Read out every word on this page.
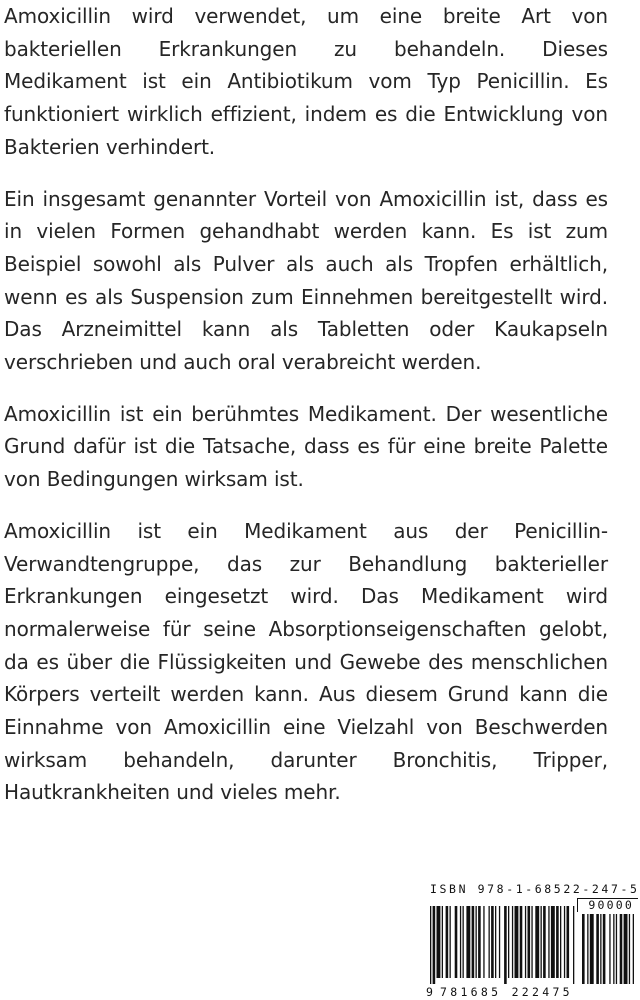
Amoxicillin wird verwendet, um eine breite Art von bakteriellen Erkrankungen zu behandeln. Dieses Medikament ist ein Antibiotikum vom Typ Penicillin. Es funktioniert wirklich effizient, indem es die Entwicklung von Bakterien verhindert.

Ein insgesamt genannter Vorteil von Amoxicillin ist, dass es in vielen Formen gehandhabt werden kann. Es ist zum Beispiel sowohl als Pulver als auch als Tropfen erhältlich, wenn es als Suspension zum Einnehmen bereitgestellt wird. Das Arzneimittel kann als Tabletten oder Kaukapseln verschrieben und auch oral verabreicht werden.

Amoxicillin ist ein berühmtes Medikament. Der wesentliche Grund dafür ist die Tatsache, dass es für eine breite Palette von Bedingungen wirksam ist.

Amoxicillin ist ein Medikament aus der Penicillin-Verwandtengruppe, das zur Behandlung bakterieller Erkrankungen eingesetzt wird. Das Medikament wird normalerweise für seine Absorptionseigenschaften gelobt, da es über die Flüssigkeiten und Gewebe des menschlichen Körpers verteilt werden kann. Aus diesem Grund kann die Einnahme von Amoxicillin eine Vielzahl von Beschwerden wirksam behandeln, darunter Bronchitis, Tripper, Hautkrankheiten und vieles mehr.

ISBN 978-1-68522-247-5
90000
9 781685 222475
